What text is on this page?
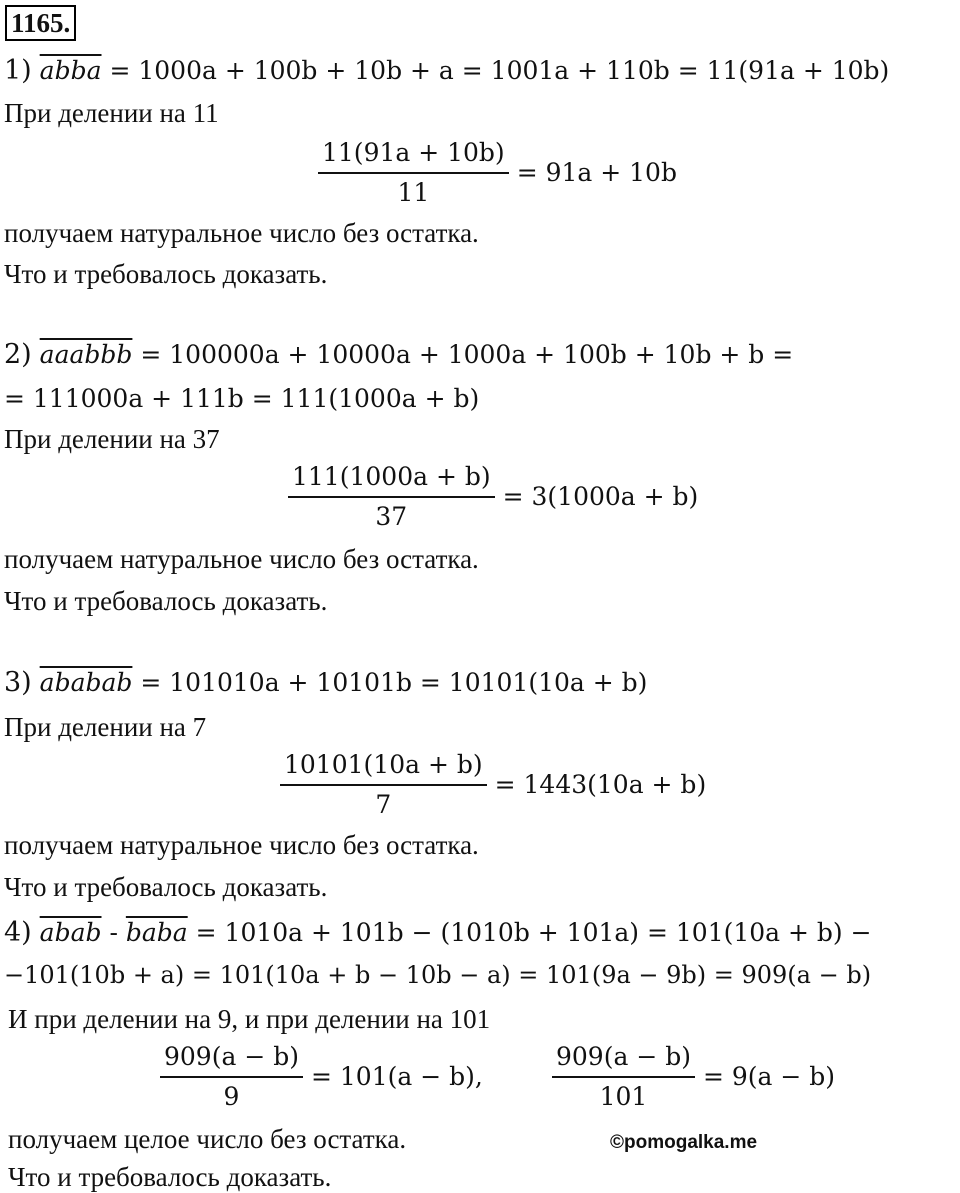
1165.
1) abba = 1000a + 100b + 10b + a = 1001a + 110b = 11(91a + 10b)
При делении на 11
$\frac{11(91a + 10b)}{11} = 91a + 10b$
получаем натуральное число без остатка.
Что и требовалось доказать.
2) aaabbb = 100000a + 10000a + 1000a + 100b + 10b + b =
= 111000a + 111b = 111(1000a + b)
При делении на 37
$\frac{111(1000a + b)}{37} = 3(1000a + b)$
получаем натуральное число без остатка.
Что и требовалось доказать.
3) ababab = 101010a + 10101b = 10101(10a + b)
При делении на 7
$\frac{10101(10a + b)}{7} = 1443(10a + b)$
получаем натуральное число без остатка.
Что и требовалось доказать.
4) abab - baba = 1010a + 101b − (1010b + 101a) = 101(10a + b) −
−101(10b + a) = 101(10a + b − 10b − a) = 101(9a − 9b) = 909(a − b)
И при делении на 9, и при делении на 101
$\frac{909(a - b)}{9} = 101(a - b)$,	$\frac{909(a - b)}{101} = 9(a - b)$
получаем целое число без остатка.	©pomogalka.me
Что и требовалось доказать.
